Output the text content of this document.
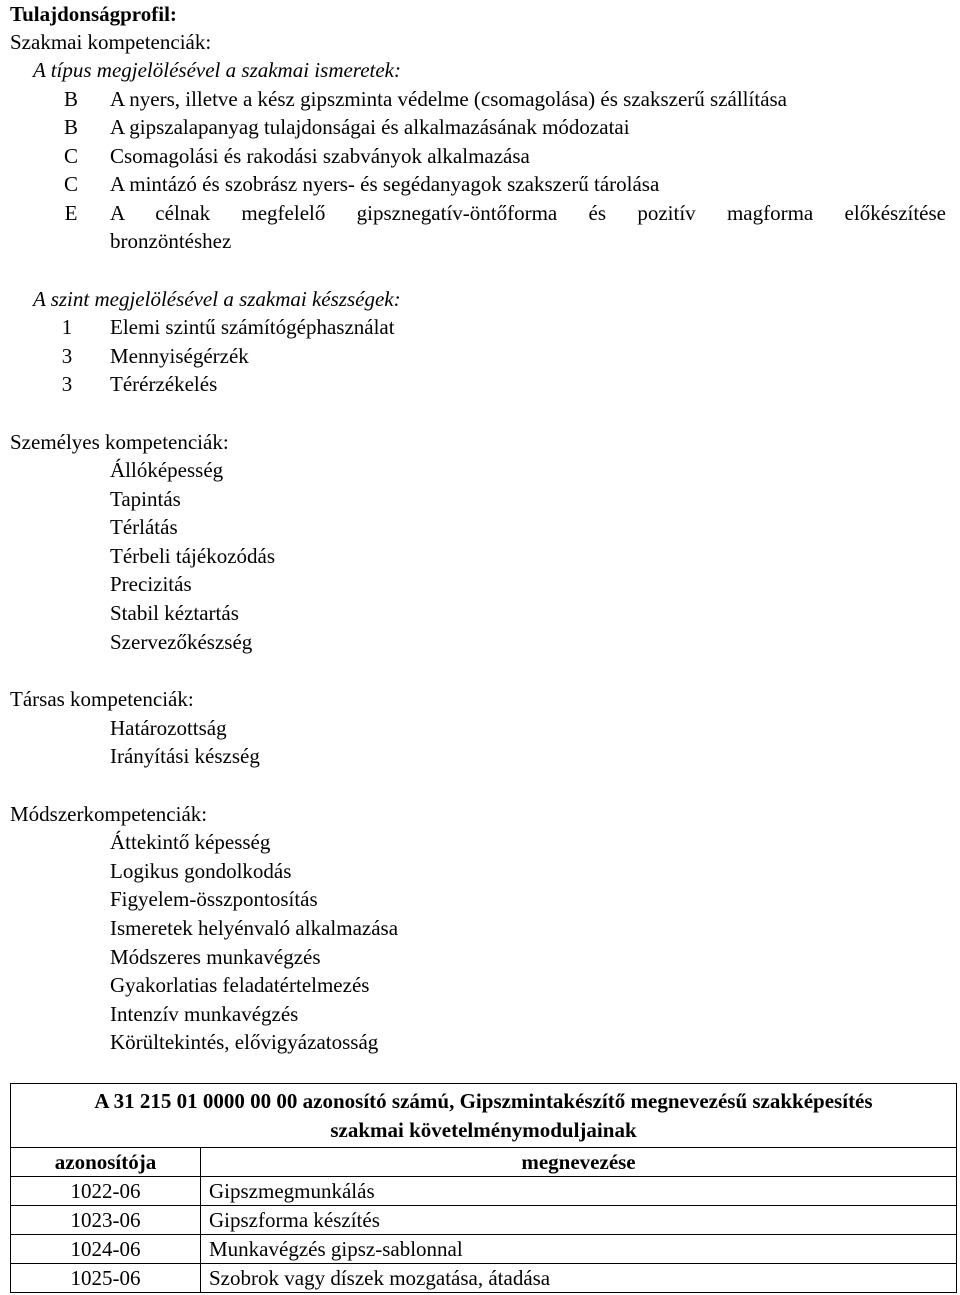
Tulajdonságprofil:
Szakmai kompetenciák:
A típus megjelölésével a szakmai ismeretek:
B	A nyers, illetve a kész gipszminta védelme (csomagolása) és szakszerű szállítása
B	A gipszalapanyag tulajdonságai és alkalmazásának módozatai
C	Csomagolási és rakodási szabványok alkalmazása
C	A mintázó és szobrász nyers- és segédanyagok szakszerű tárolása
E	A célnak megfelelő gipsznegatív-öntőforma és pozitív magforma előkészítése
bronzöntéshez
A szint megjelölésével a szakmai készségek:
1	Elemi szintű számítógéphasználat
3	Mennyiségérzék
3	Térérzékelés
Személyes kompetenciák:
Állóképesség
Tapintás
Térlátás
Térbeli tájékozódás
Precizitás
Stabil kéztartás
Szervezőkészség
Társas kompetenciák:
Határozottság
Irányítási készség
Módszerkompetenciák:
Áttekintő képesség
Logikus gondolkodás
Figyelem-összpontosítás
Ismeretek helyénvaló alkalmazása
Módszeres munkavégzés
Gyakorlatias feladatértelmezés
Intenzív munkavégzés
Körültekintés, elővigyázatosság
A 31 215 01 0000 00 00 azonosító számú, Gipszmintakészítő megnevezésű szakképesítés
szakmai követelménymoduljainak	
azonosítója	megnevezése
1022-06	Gipszmegmunkálás
1023-06	Gipszforma készítés
1024-06	Munkavégzés gipsz-sablonnal
1025-06	Szobrok vagy díszek mozgatása, átadása
